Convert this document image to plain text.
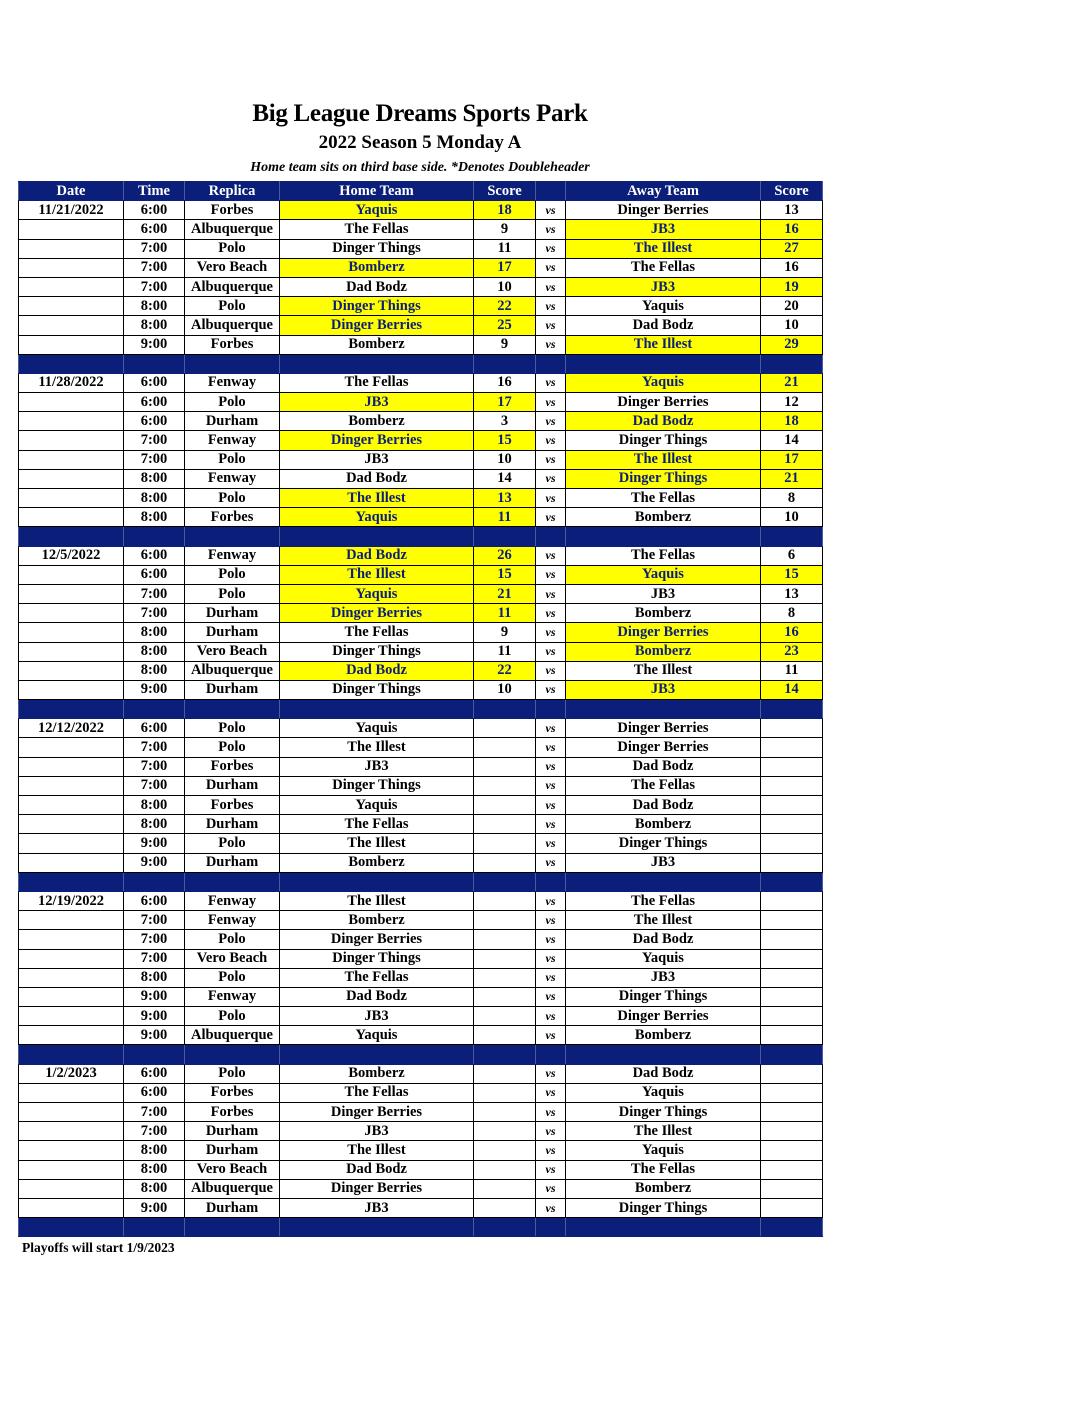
Big League Dreams Sports Park
2022 Season 5 Monday A
Home team sits on third base side. *Denotes Doubleheader
Date	Time	Replica	Home Team	Score		Away Team	Score
11/21/2022	6:00	Forbes	Yaquis	18	vs	Dinger Berries	13
	6:00	Albuquerque	The Fellas	9	vs	JB3	16
	7:00	Polo	Dinger Things	11	vs	The Illest	27
	7:00	Vero Beach	Bomberz	17	vs	The Fellas	16
	7:00	Albuquerque	Dad Bodz	10	vs	JB3	19
	8:00	Polo	Dinger Things	22	vs	Yaquis	20
	8:00	Albuquerque	Dinger Berries	25	vs	Dad Bodz	10
	9:00	Forbes	Bomberz	9	vs	The Illest	29

11/28/2022	6:00	Fenway	The Fellas	16	vs	Yaquis	21
	6:00	Polo	JB3	17	vs	Dinger Berries	12
	6:00	Durham	Bomberz	3	vs	Dad Bodz	18
	7:00	Fenway	Dinger Berries	15	vs	Dinger Things	14
	7:00	Polo	JB3	10	vs	The Illest	17
	8:00	Fenway	Dad Bodz	14	vs	Dinger Things	21
	8:00	Polo	The Illest	13	vs	The Fellas	8
	8:00	Forbes	Yaquis	11	vs	Bomberz	10

12/5/2022	6:00	Fenway	Dad Bodz	26	vs	The Fellas	6
	6:00	Polo	The Illest	15	vs	Yaquis	15
	7:00	Polo	Yaquis	21	vs	JB3	13
	7:00	Durham	Dinger Berries	11	vs	Bomberz	8
	8:00	Durham	The Fellas	9	vs	Dinger Berries	16
	8:00	Vero Beach	Dinger Things	11	vs	Bomberz	23
	8:00	Albuquerque	Dad Bodz	22	vs	The Illest	11
	9:00	Durham	Dinger Things	10	vs	JB3	14

12/12/2022	6:00	Polo	Yaquis		vs	Dinger Berries	
	7:00	Polo	The Illest		vs	Dinger Berries	
	7:00	Forbes	JB3		vs	Dad Bodz	
	7:00	Durham	Dinger Things		vs	The Fellas	
	8:00	Forbes	Yaquis		vs	Dad Bodz	
	8:00	Durham	The Fellas		vs	Bomberz	
	9:00	Polo	The Illest		vs	Dinger Things	
	9:00	Durham	Bomberz		vs	JB3	

12/19/2022	6:00	Fenway	The Illest		vs	The Fellas	
	7:00	Fenway	Bomberz		vs	The Illest	
	7:00	Polo	Dinger Berries		vs	Dad Bodz	
	7:00	Vero Beach	Dinger Things		vs	Yaquis	
	8:00	Polo	The Fellas		vs	JB3	
	9:00	Fenway	Dad Bodz		vs	Dinger Things	
	9:00	Polo	JB3		vs	Dinger Berries	
	9:00	Albuquerque	Yaquis		vs	Bomberz	

1/2/2023	6:00	Polo	Bomberz		vs	Dad Bodz	
	6:00	Forbes	The Fellas		vs	Yaquis	
	7:00	Forbes	Dinger Berries		vs	Dinger Things	
	7:00	Durham	JB3		vs	The Illest	
	8:00	Durham	The Illest		vs	Yaquis	
	8:00	Vero Beach	Dad Bodz		vs	The Fellas	
	8:00	Albuquerque	Dinger Berries		vs	Bomberz	
	9:00	Durham	JB3		vs	Dinger Things	

Playoffs will start 1/9/2023
